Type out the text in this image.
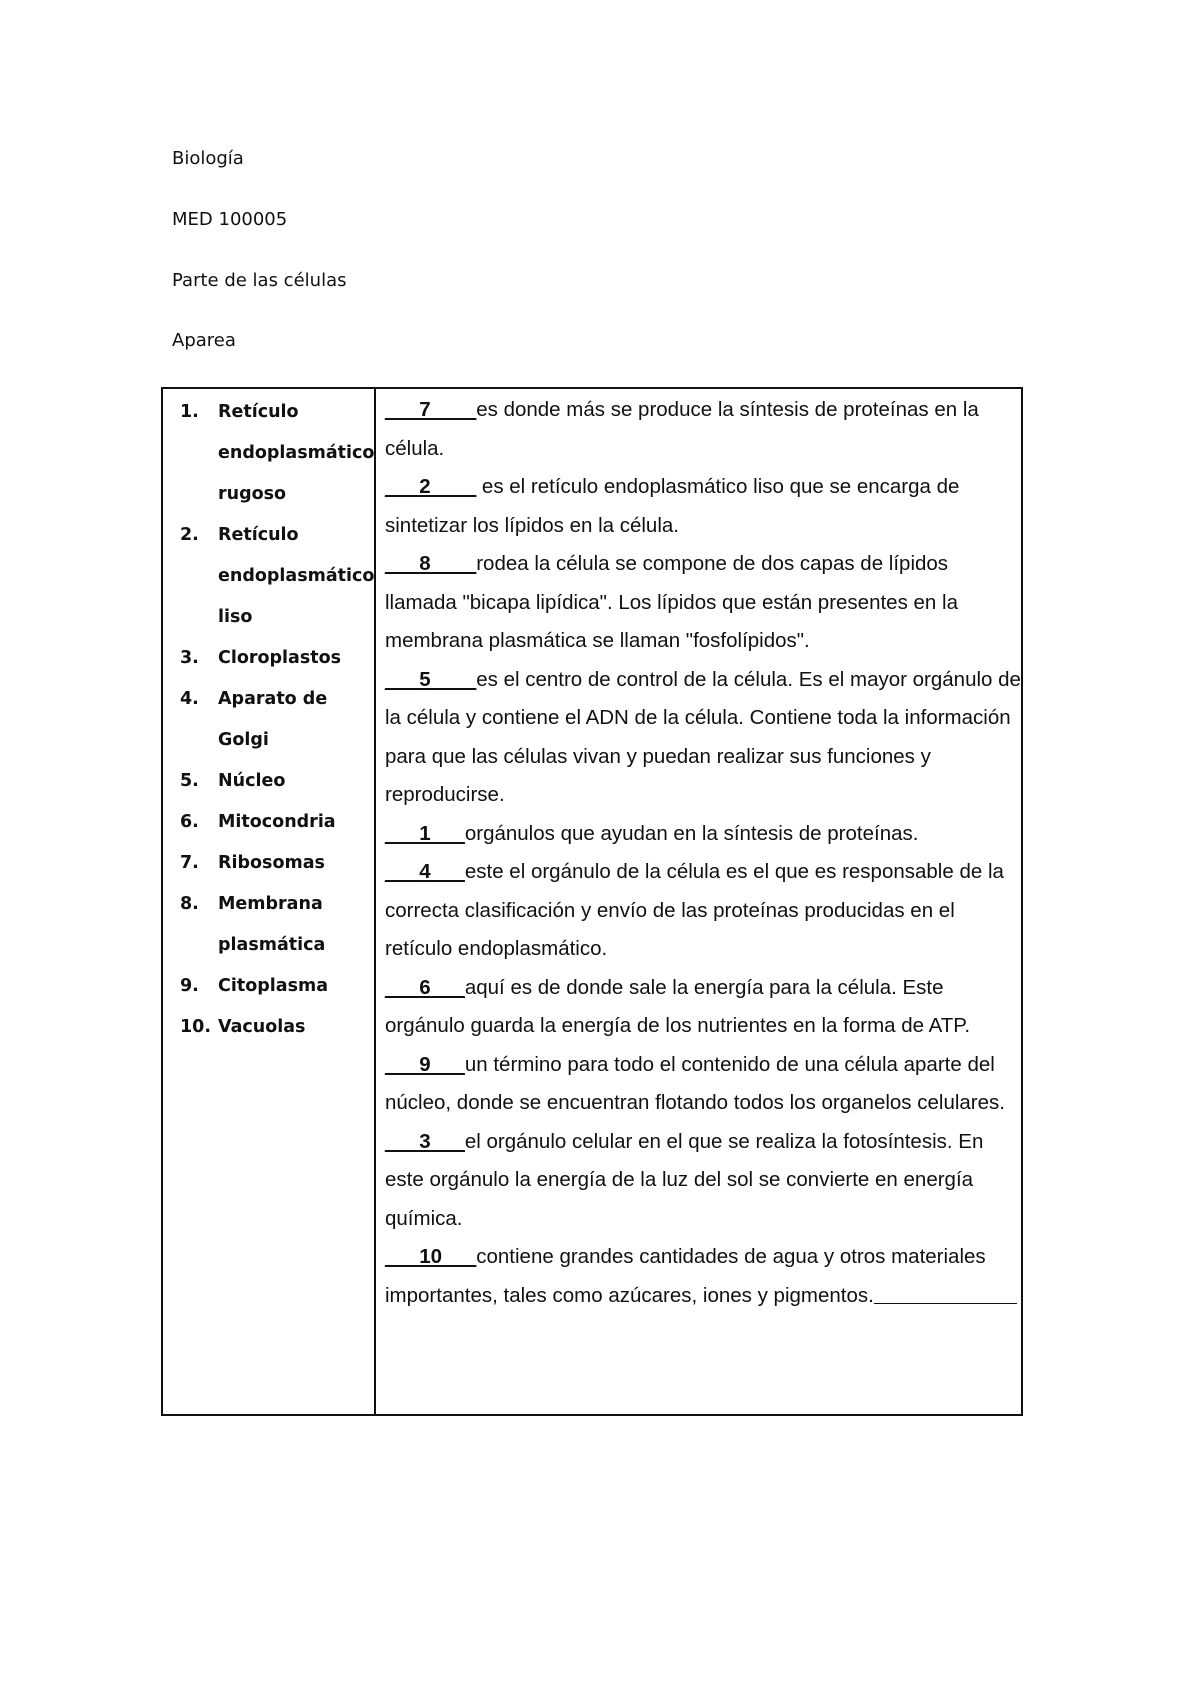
Biología
MED 100005
Parte de las células
Aparea
1. Retículo
endoplasmático
rugoso
2. Retículo
endoplasmático
liso
3. Cloroplastos
4. Aparato de
Golgi
5. Núcleo
6. Mitocondria
7. Ribosomas
8. Membrana
plasmática
9. Citoplasma
10. Vacuolas

___7____es donde más se produce la síntesis de proteínas en la célula.

___2____ es el retículo endoplasmático liso que se encarga de sintetizar los lípidos en la célula.

___8____rodea la célula se compone de dos capas de lípidos llamada "bicapa lipídica". Los lípidos que están presentes en la membrana plasmática se llaman "fosfolípidos".

___5____es el centro de control de la célula. Es el mayor orgánulo de la célula y contiene el ADN de la célula. Contiene toda la información para que las células vivan y puedan realizar sus funciones y reproducirse.

___1___orgánulos que ayudan en la síntesis de proteínas.

___4___este el orgánulo de la célula es el que es responsable de la correcta clasificación y envío de las proteínas producidas en el retículo endoplasmático.

___6___aquí es de donde sale la energía para la célula. Este orgánulo guarda la energía de los nutrientes en la forma de ATP.

___9___un término para todo el contenido de una célula aparte del núcleo, donde se encuentran flotando todos los organelos celulares.

___3___el orgánulo celular en el que se realiza la fotosíntesis. En este orgánulo la energía de la luz del sol se convierte en energía química.

___10___contiene grandes cantidades de agua y otros materiales importantes, tales como azúcares, iones y pigmentos.
